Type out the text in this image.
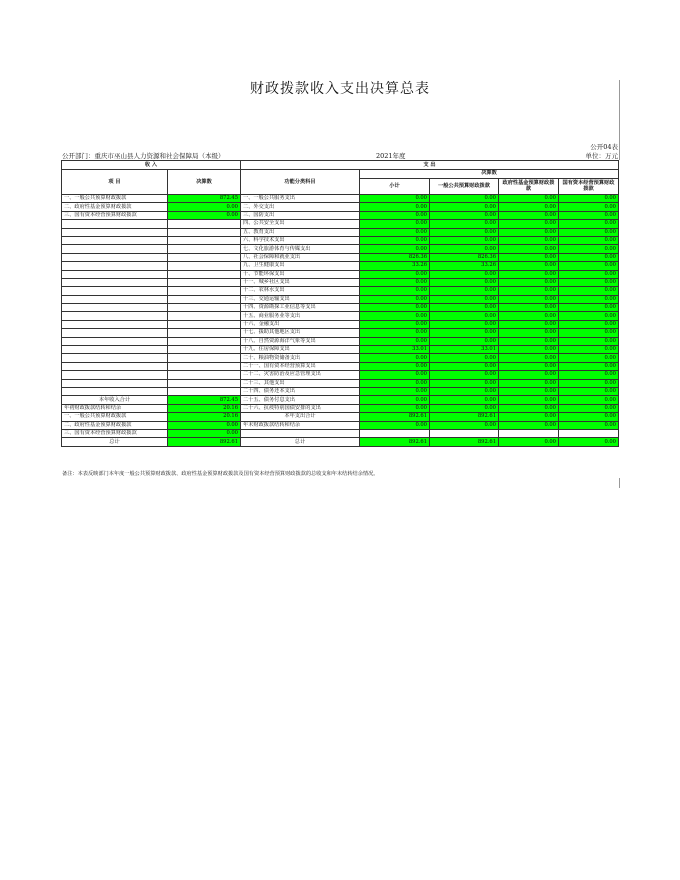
财政拨款收入支出决算总表
公开04表
公开部门：重庆市巫山县人力资源和社会保障局（本级）	2021年度	单位：万元
收 入		支 出				
项 目	决算数	功能分类科目	决算数			
			小计	一般公共预算财政拨款	政府性基金预算财政拨款	国有资本经营预算财政拨款
一、一般公共预算财政拨款	872.45	一、一般公共服务支出	0.00	0.00	0.00	0.00
二、政府性基金预算财政拨款	0.00	二、外交支出	0.00	0.00	0.00	0.00
三、国有资本经营预算财政拨款	0.00	三、国防支出	0.00	0.00	0.00	0.00
		四、公共安全支出	0.00	0.00	0.00	0.00
		五、教育支出	0.00	0.00	0.00	0.00
		六、科学技术支出	0.00	0.00	0.00	0.00
		七、文化旅游体育与传媒支出	0.00	0.00	0.00	0.00
		八、社会保障和就业支出	826.36	826.36	0.00	0.00
		九、卫生健康支出	33.26	33.26	0.00	0.00
		十、节能环保支出	0.00	0.00	0.00	0.00
		十一、城乡社区支出	0.00	0.00	0.00	0.00
		十二、农林水支出	0.00	0.00	0.00	0.00
		十三、交通运输支出	0.00	0.00	0.00	0.00
		十四、资源勘探工业信息等支出	0.00	0.00	0.00	0.00
		十五、商业服务业等支出	0.00	0.00	0.00	0.00
		十六、金融支出	0.00	0.00	0.00	0.00
		十七、援助其他地区支出	0.00	0.00	0.00	0.00
		十八、自然资源海洋气象等支出	0.00	0.00	0.00	0.00
		十九、住房保障支出	33.01	33.01	0.00	0.00
		二十、粮油物资储备支出	0.00	0.00	0.00	0.00
		二十一、国有资本经营预算支出	0.00	0.00	0.00	0.00
		二十二、灾害防治及应急管理支出	0.00	0.00	0.00	0.00
		二十三、其他支出	0.00	0.00	0.00	0.00
		二十四、债务还本支出	0.00	0.00	0.00	0.00
本年收入合计	872.45	二十五、债务付息支出	0.00	0.00	0.00	0.00
年初财政拨款结转和结余	20.16	二十六、抗疫特别国债安排的支出	0.00	0.00	0.00	0.00
一、一般公共预算财政拨款	20.16	本年支出合计	892.61	892.61	0.00	0.00
二、政府性基金预算财政拨款	0.00	年末财政拨款结转和结余	0.00	0.00	0.00	0.00
三、国有资本经营预算财政拨款	0.00					
总计	892.61	总计	892.61	892.61	0.00	0.00
备注：本表反映部门本年度一般公共预算财政拨款、政府性基金预算财政拨款及国有资本经营预算财政拨款的总收支和年末结转结余情况。
